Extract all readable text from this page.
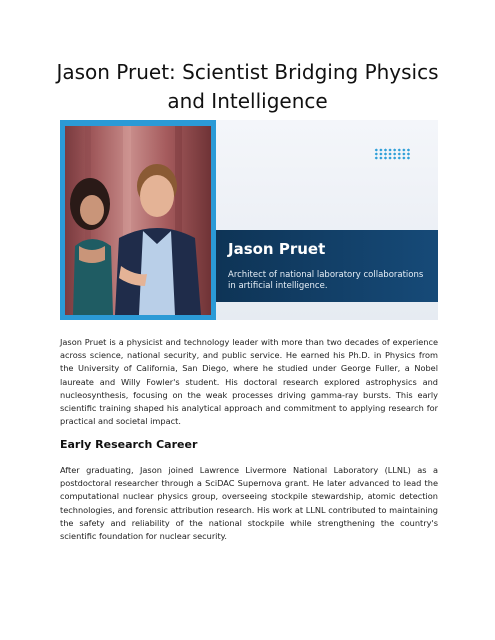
Jason Pruet: Scientist Bridging Physics and Intelligence

Jason Pruet

Architect of national laboratory collaborations in artificial intelligence.

Jason Pruet is a physicist and technology leader with more than two decades of experience across science, national security, and public service. He earned his Ph.D. in Physics from the University of California, San Diego, where he studied under George Fuller, a Nobel laureate and Willy Fowler's student. His doctoral research explored astrophysics and nucleosynthesis, focusing on the weak processes driving gamma-ray bursts. This early scientific training shaped his analytical approach and commitment to applying research for practical and societal impact.

Early Research Career

After graduating, Jason joined Lawrence Livermore National Laboratory (LLNL) as a postdoctoral researcher through a SciDAC Supernova grant. He later advanced to lead the computational nuclear physics group, overseeing stockpile stewardship, atomic detection technologies, and forensic attribution research. His work at LLNL contributed to maintaining the safety and reliability of the national stockpile while strengthening the country's scientific foundation for nuclear security.
